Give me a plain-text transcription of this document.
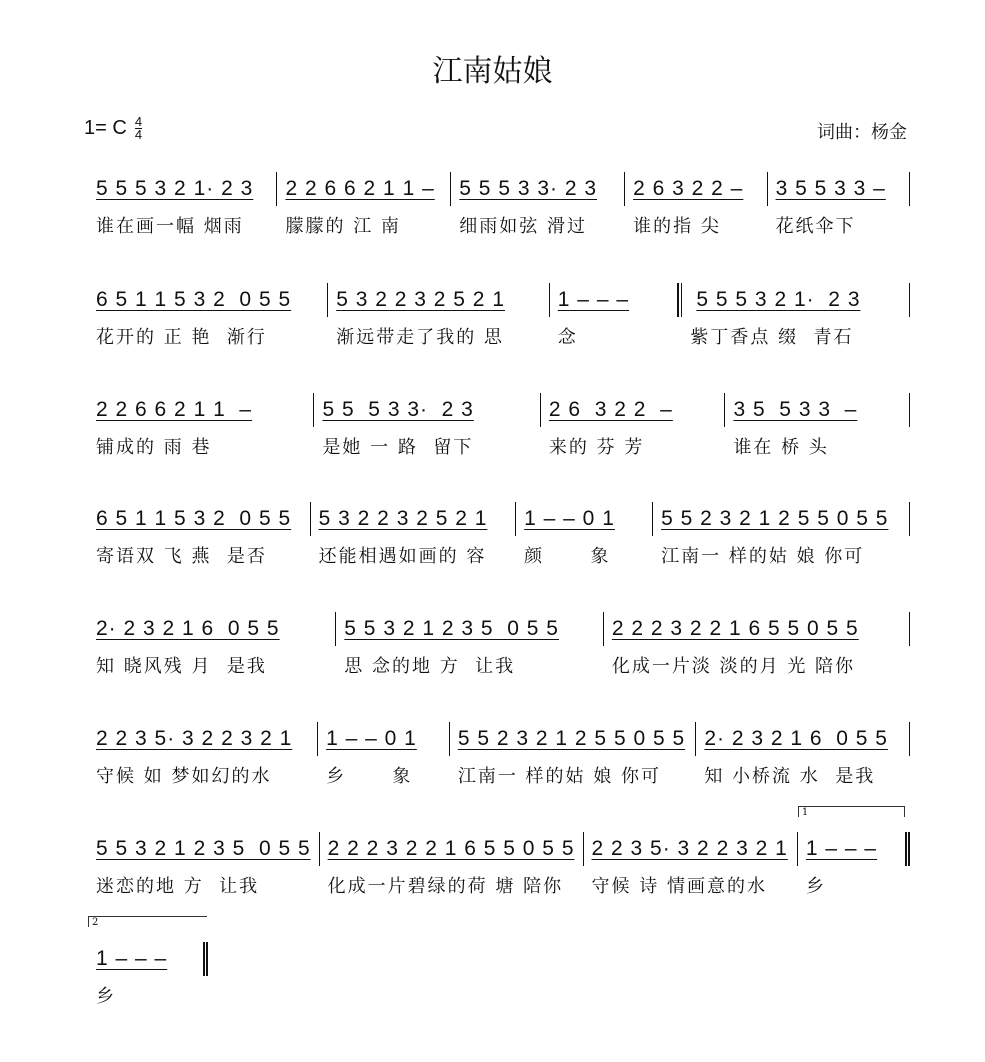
江南姑娘
1= C $\frac{4}{4}$	词曲：杨金
5 5 5 3 2 1· 2 3
谁在画一幅 烟雨
2 2 6 6 2 1 1 –
朦朦的 江 南
5 5 5 3 3· 2 3
细雨如弦 滑过
2 6 3 2 2 –
谁的指 尖
3 5 5 3 3 –
花纸伞下
6 5 1 1 5 3 2  0 5 5
花开的 正 艳  渐行
5 3 2 2 3 2 5 2 1
渐远带走了我的 思
1 – – –
念
5 5 5 3 2 1·  2 3
紫丁香点 缀  青石
2 2 6 6 2 1 1  –
铺成的 雨 巷
5 5  5 3 3·  2 3
是她 一 路  留下
2 6  3 2 2  –
来的 芬 芳
3 5  5 3 3  –
谁在 桥 头
6 5 1 1 5 3 2  0 5 5
寄语双 飞 燕  是否
5 3 2 2 3 2 5 2 1
还能相遇如画的 容
1 – – 0 1
颜      象
5 5 2 3 2 1 2 5 5 0 5 5
江南一 样的姑 娘 你可
2· 2 3 2 1 6  0 5 5
知 晓风残 月  是我
5 5 3 2 1 2 3 5  0 5 5
思 念的地 方  让我
2 2 2 3 2 2 1 6 5 5 0 5 5
化成一片淡 淡的月 光 陪你
2 2 3 5· 3 2 2 3 2 1
守候 如 梦如幻的水
1 – – 0 1
乡      象
5 5 2 3 2 1 2 5 5 0 5 5
江南一 样的姑 娘 你可
2· 2 3 2 1 6  0 5 5
知 小桥流 水  是我
5 5 3 2 1 2 3 5  0 5 5
迷恋的地 方  让我
2 2 2 3 2 2 1 6 5 5 0 5 5
化成一片碧绿的荷 塘 陪你
2 2 3 5· 3 2 2 3 2 1
守候 诗 情画意的水
1 – – –
乡
1
1 – – –
乡
2
